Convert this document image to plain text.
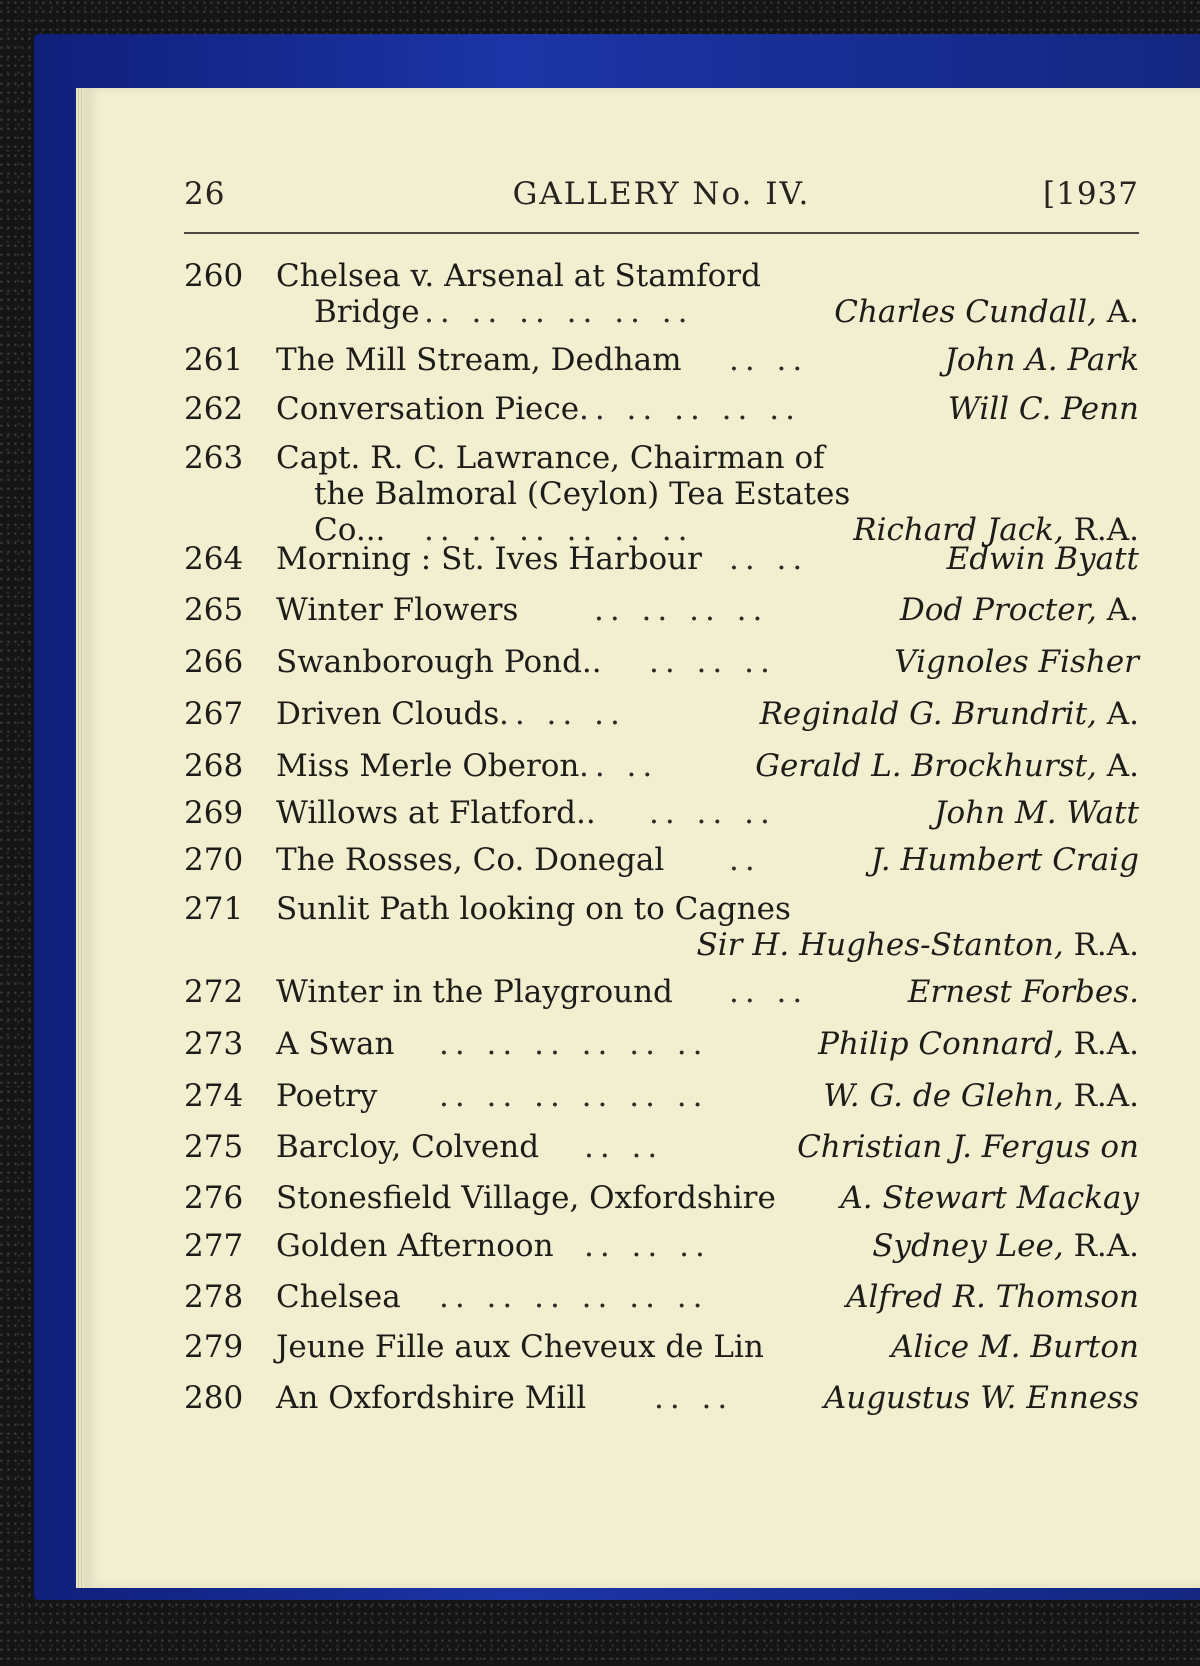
26	GALLERY No. IV.	[1937
260 Chelsea v. Arsenal at Stamford
Bridge .. .. .. .. .. ..	Charles Cundall, A.
261 The Mill Stream, Dedham .. ..	John A. Park
262 Conversation Piece .. .. .. .. ..	Will C. Penn
263 Capt. R. C. Lawrance, Chairman of
the Balmoral (Ceylon) Tea Estates
Co... .. .. .. .. .. ..	Richard Jack, R.A.
264 Morning : St. Ives Harbour .. ..	Edwin Byatt
265 Winter Flowers .. .. .. ..	Dod Procter, A.
266 Swanborough Pond.. .. .. ..	Vignoles Fisher
267 Driven Clouds .. .. ..	Reginald G. Brundrit, A.
268 Miss Merle Oberon .. ..	Gerald L. Brockhurst, A.
269 Willows at Flatford.. .. .. ..	John M. Watt
270 The Rosses, Co. Donegal ..	J. Humbert Craig
271 Sunlit Path looking on to Cagnes
Sir H. Hughes-Stanton, R.A.
272 Winter in the Playground .. ..	Ernest Forbes.
273 A Swan .. .. .. .. .. ..	Philip Connard, R.A.
274 Poetry .. .. .. .. .. ..	W. G. de Glehn, R.A.
275 Barcloy, Colvend .. ..	Christian J. Fergus on
276 Stonesfield Village, Oxfordshire A. Stewart Mackay
277 Golden Afternoon .. .. ..	Sydney Lee, R.A.
278 Chelsea .. .. .. .. .. ..	Alfred R. Thomson
279 Jeune Fille aux Cheveux de Lin	Alice M. Burton
280 An Oxfordshire Mill .. ..	Augustus W. Enness
